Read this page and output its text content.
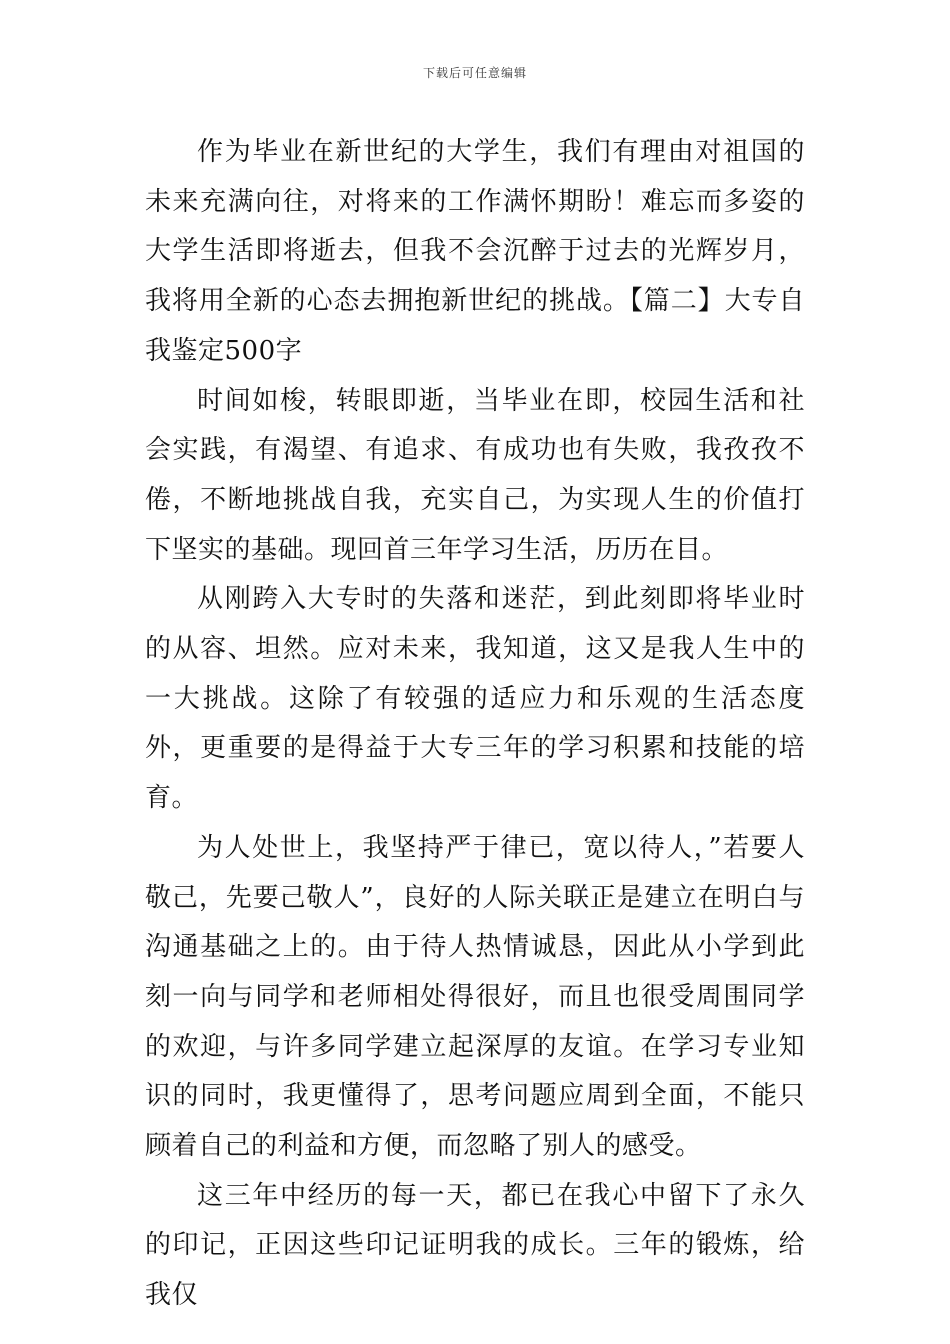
下载后可任意编辑

作为毕业在新世纪的大学生，我们有理由对祖国的未来充满向往，对将来的工作满怀期盼！难忘而多姿的大学生活即将逝去，但我不会沉醉于过去的光辉岁月，我将用全新的心态去拥抱新世纪的挑战。【篇二】大专自我鉴定500字

时间如梭，转眼即逝，当毕业在即，校园生活和社会实践，有渴望、有追求、有成功也有失败，我孜孜不倦，不断地挑战自我，充实自己，为实现人生的价值打下坚实的基础。现回首三年学习生活，历历在目。

从刚跨入大专时的失落和迷茫，到此刻即将毕业时的从容、坦然。应对未来，我知道，这又是我人生中的一大挑战。这除了有较强的适应力和乐观的生活态度外，更重要的是得益于大专三年的学习积累和技能的培育。

为人处世上，我坚持严于律已，宽以待人，”若要人敬己，先要己敬人”，良好的人际关联正是建立在明白与沟通基础之上的。由于待人热情诚恳，因此从小学到此刻一向与同学和老师相处得很好，而且也很受周围同学的欢迎，与许多同学建立起深厚的友谊。在学习专业知识的同时，我更懂得了，思考问题应周到全面，不能只顾着自己的利益和方便，而忽略了别人的感受。

这三年中经历的每一天，都已在我心中留下了永久的印记，正因这些印记证明我的成长。三年的锻炼，给我仅
